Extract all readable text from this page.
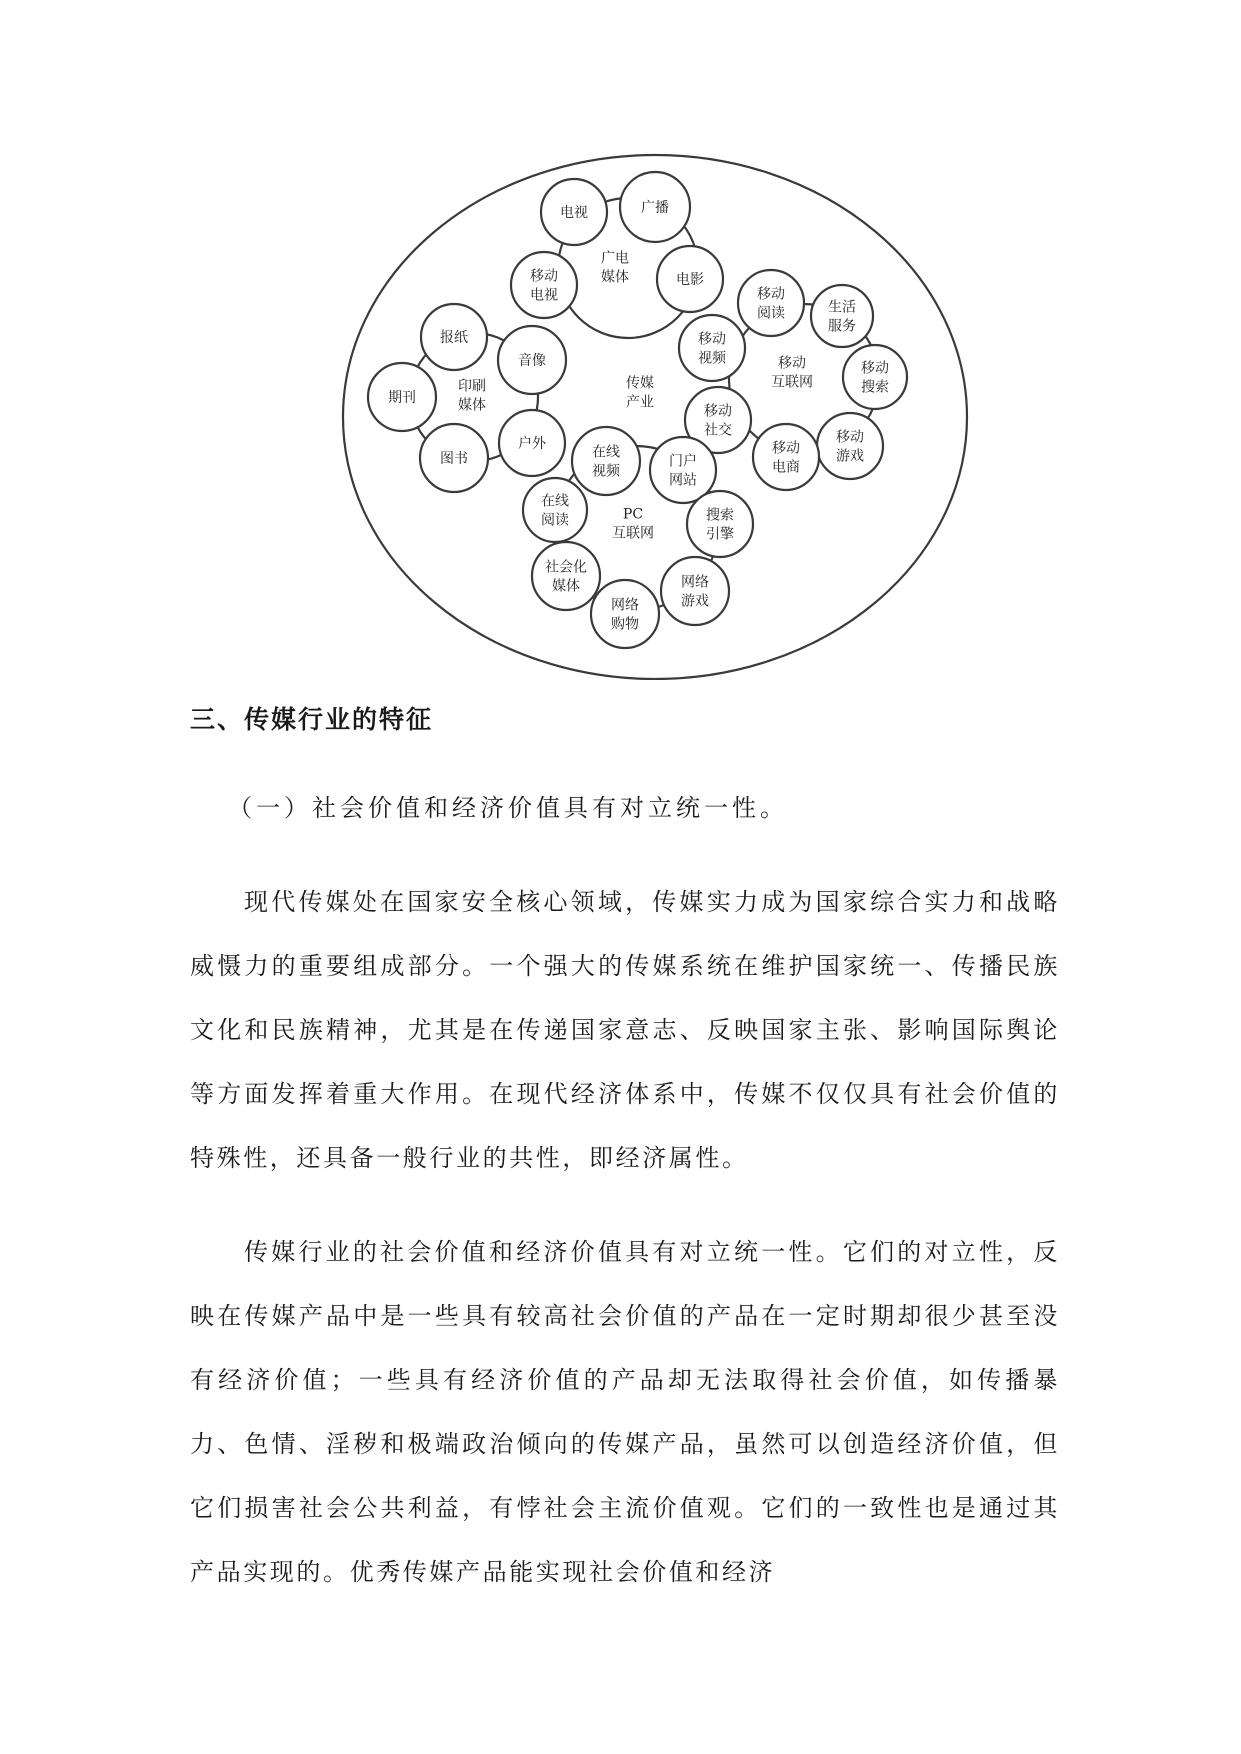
传媒产业
广电媒体
印刷媒体
移动互联网
PC 互联网
电视	广播
电影
移动电视
报纸
音像
期刊
图书
户外
移动阅读	生活服务
移动视频
移动搜索
移动社交	移动游戏
移动电商
在线视频
门户网站
在线阅读	搜索引擎
社会化媒体	网络游戏
网络购物
三、传媒行业的特征

（一）社会价值和经济价值具有对立统一性。

现代传媒处在国家安全核心领域，传媒实力成为国家综合实力和战略威慑力的重要组成部分。一个强大的传媒系统在维护国家统一、传播民族文化和民族精神，尤其是在传递国家意志、反映国家主张、影响国际舆论等方面发挥着重大作用。在现代经济体系中，传媒不仅仅具有社会价值的特殊性，还具备一般行业的共性，即经济属性。

传媒行业的社会价值和经济价值具有对立统一性。它们的对立性，反映在传媒产品中是一些具有较高社会价值的产品在一定时期却很少甚至没有经济价值；一些具有经济价值的产品却无法取得社会价值，如传播暴力、色情、淫秽和极端政治倾向的传媒产品，虽然可以创造经济价值，但它们损害社会公共利益，有悖社会主流价值观。它们的一致性也是通过其产品实现的。优秀传媒产品能实现社会价值和经济
